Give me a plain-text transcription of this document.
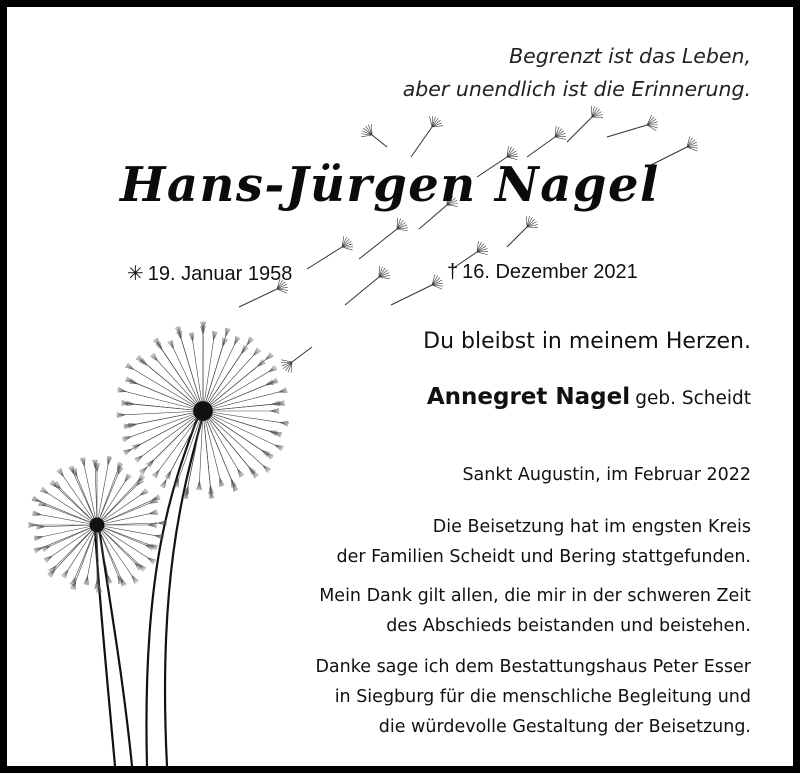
Begrenzt ist das Leben,
aber unendlich ist die Erinnerung.
Hans-Jürgen Nagel
✳ 19. Januar 1958	† 16. Dezember 2021
Du bleibst in meinem Herzen.
Annegret Nagel geb. Scheidt
Sankt Augustin, im Februar 2022
Die Beisetzung hat im engsten Kreis
der Familien Scheidt und Bering stattgefunden.
Mein Dank gilt allen, die mir in der schweren Zeit
des Abschieds beistanden und beistehen.
Danke sage ich dem Bestattungshaus Peter Esser
in Siegburg für die menschliche Begleitung und
die würdevolle Gestaltung der Beisetzung.
